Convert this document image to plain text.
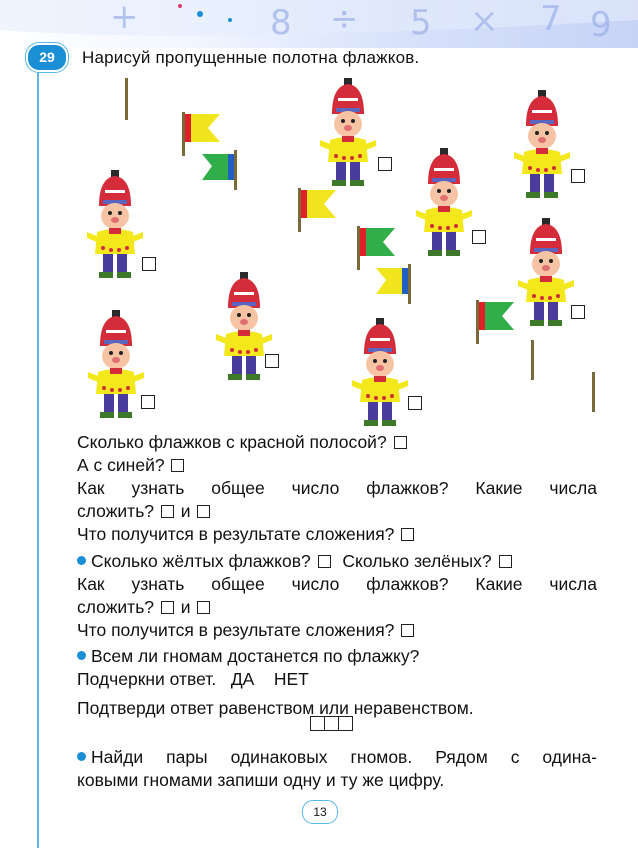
+	8 ÷ 5 × 7 9
29	Нарисуй пропущенные полотна флажков.
Сколько флажков с красной полосой?
А с синей?
Как узнать общее число флажков? Какие числа
сложить? и
Что получится в результате сложения?
Сколько жёлтых флажков? Сколько зелёных?
Как узнать общее число флажков? Какие числа
сложить? и
Что получится в результате сложения?
Всем ли гномам достанется по флажку?
Подчеркни ответ. ДА НЕТ
Подтверди ответ равенством или неравенством.
Найди пары одинаковых гномов. Рядом с одина-
ковыми гномами запиши одну и ту же цифру.
13
